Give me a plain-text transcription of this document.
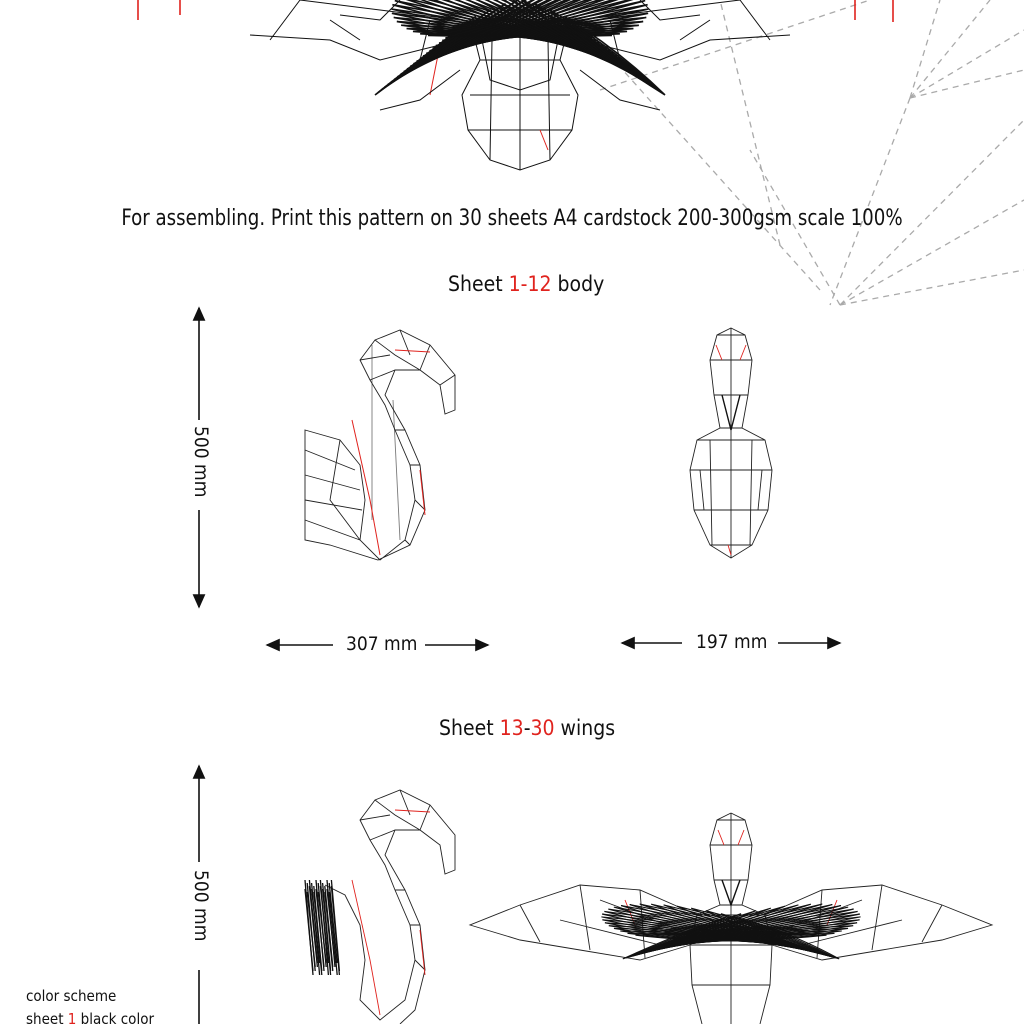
For assembling. Print this pattern on 30 sheets A4 cardstock 200-300gsm scale 100%
Sheet 1-12 body
500 mm
307 mm	197 mm
Sheet 13-30 wings
500 mm
color scheme
sheet 1 black color
